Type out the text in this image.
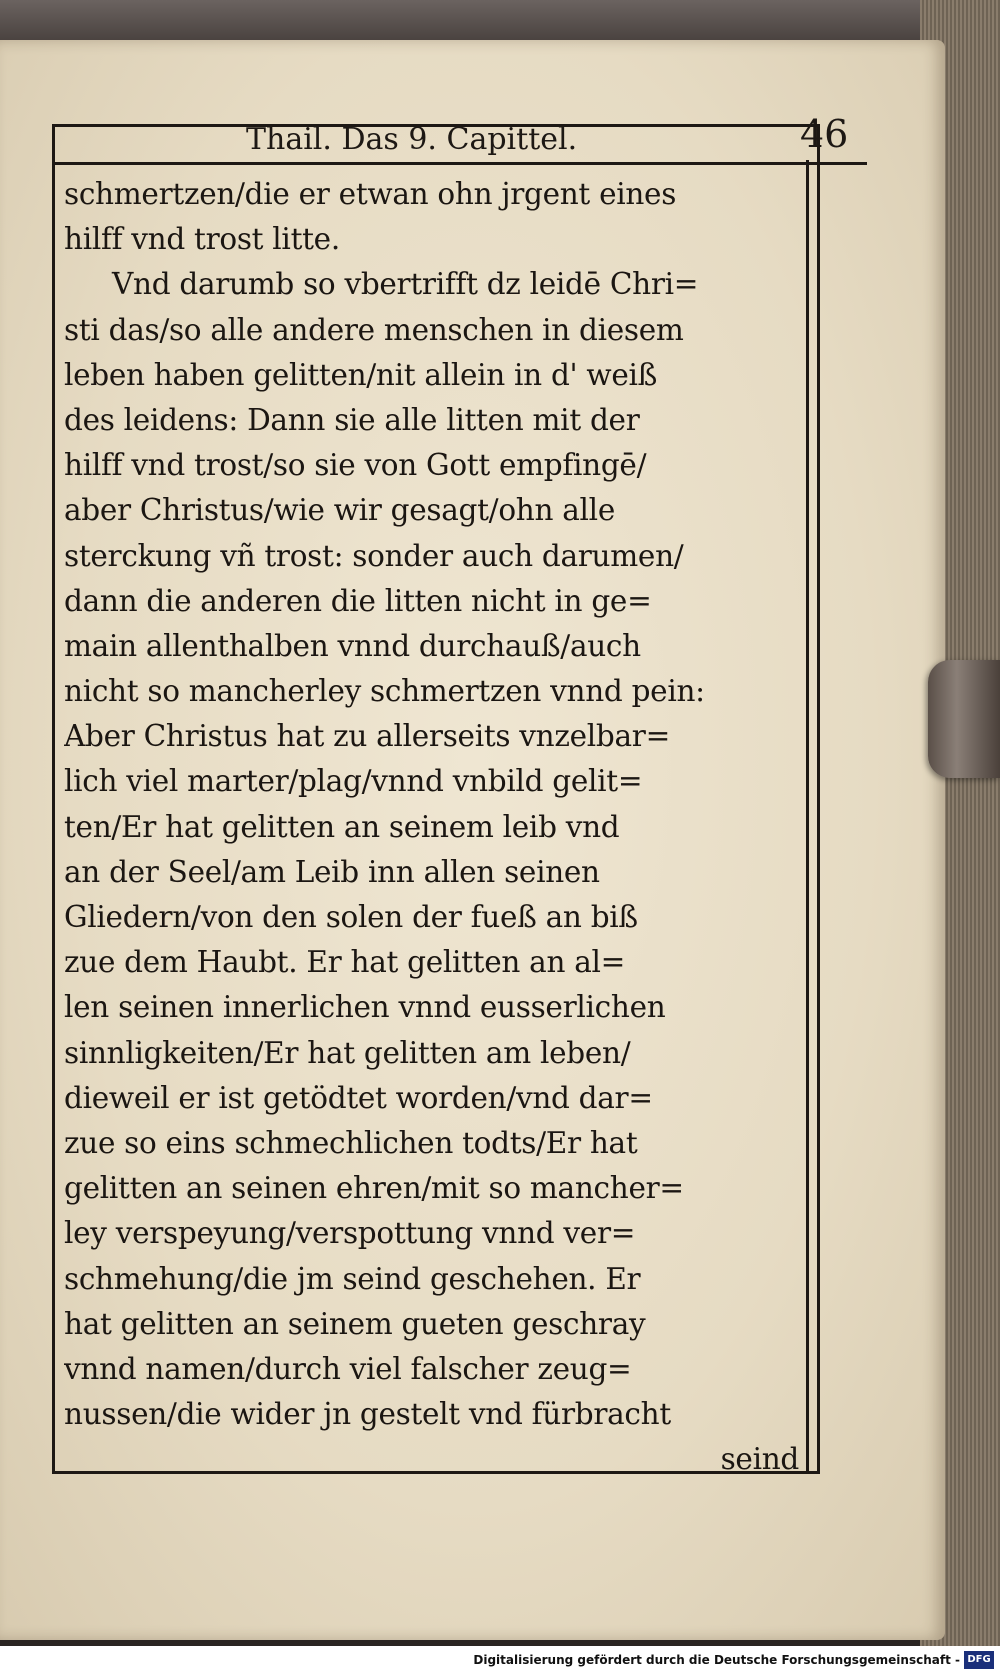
Thail. Das 9. Capittel.	46
schmertzen/die er etwan ohn jrgent eines
hilff vnd trost litte.
Vnd darumb so vbertrifft dz leidē Chri=
sti das/so alle andere menschen in diesem
leben haben gelitten/nit allein in d' weiß
des leidens: Dann sie alle litten mit der
hilff vnd trost/so sie von Gott empfingē/
aber Christus/wie wir gesagt/ohn alle
sterckung vñ trost: sonder auch darumen/
dann die anderen die litten nicht in ge=
main allenthalben vnnd durchauß/auch
nicht so mancherley schmertzen vnnd pein:
Aber Christus hat zu allerseits vnzelbar=
lich viel marter/plag/vnnd vnbild gelit=
ten/Er hat gelitten an seinem leib vnd
an der Seel/am Leib inn allen seinen
Gliedern/von den solen der fueß an biß
zue dem Haubt. Er hat gelitten an al=
len seinen innerlichen vnnd eusserlichen
sinnligkeiten/Er hat gelitten am leben/
dieweil er ist getödtet worden/vnd dar=
zue so eins schmechlichen todts/Er hat
gelitten an seinen ehren/mit so mancher=
ley verspeyung/verspottung vnnd ver=
schmehung/die jm seind geschehen. Er
hat gelitten an seinem gueten geschray
vnnd namen/durch viel falscher zeug=
nussen/die wider jn gestelt vnd fürbracht
seind
Digitalisierung gefördert durch die Deutsche Forschungsgemeinschaft - DFG
